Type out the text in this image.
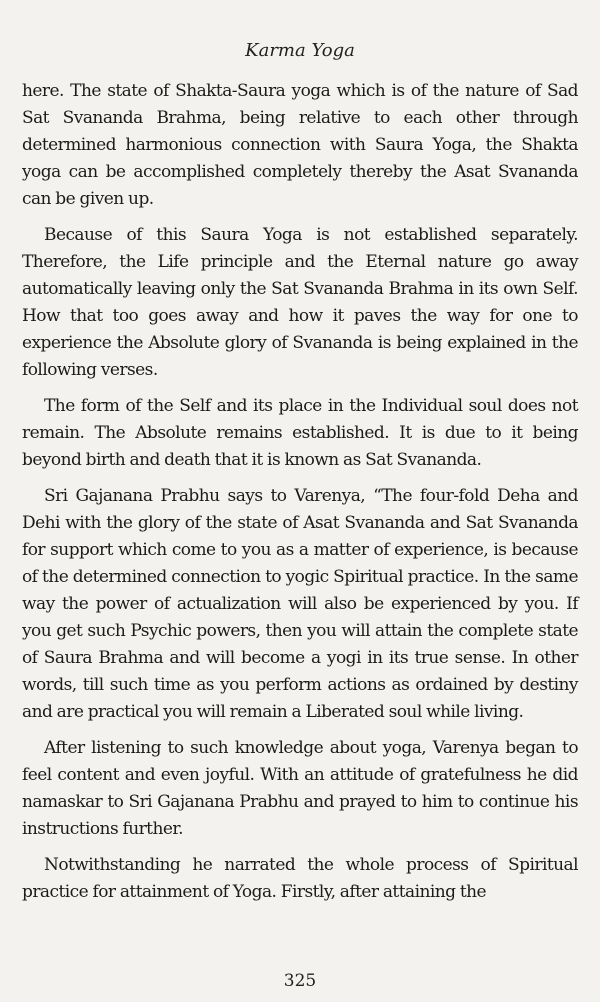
Karma Yoga

here. The state of Shakta-Saura yoga which is of the nature of Sad Sat Svananda Brahma, being relative to each other through determined harmonious connection with Saura Yoga, the Shakta yoga can be accomplished completely thereby the Asat Svananda can be given up.

Because of this Saura Yoga is not established separately. Therefore, the Life principle and the Eternal nature go away automatically leaving only the Sat Svananda Brahma in its own Self. How that too goes away and how it paves the way for one to experience the Absolute glory of Svananda is being explained in the following verses.

The form of the Self and its place in the Individual soul does not remain. The Absolute remains established. It is due to it being beyond birth and death that it is known as Sat Svananda.

Sri Gajanana Prabhu says to Varenya, “The four-fold Deha and Dehi with the glory of the state of Asat Svananda and Sat Svananda for support which come to you as a matter of experience, is because of the determined connection to yogic Spiritual practice. In the same way the power of actualization will also be experienced by you. If you get such Psychic powers, then you will attain the complete state of Saura Brahma and will become a yogi in its true sense. In other words, till such time as you perform actions as ordained by destiny and are practical you will remain a Liberated soul while living.

After listening to such knowledge about yoga, Varenya began to feel content and even joyful. With an attitude of gratefulness he did namaskar to Sri Gajanana Prabhu and prayed to him to continue his instructions further.

Notwithstanding he narrated the whole process of Spiritual practice for attainment of Yoga. Firstly, after attaining the

325
